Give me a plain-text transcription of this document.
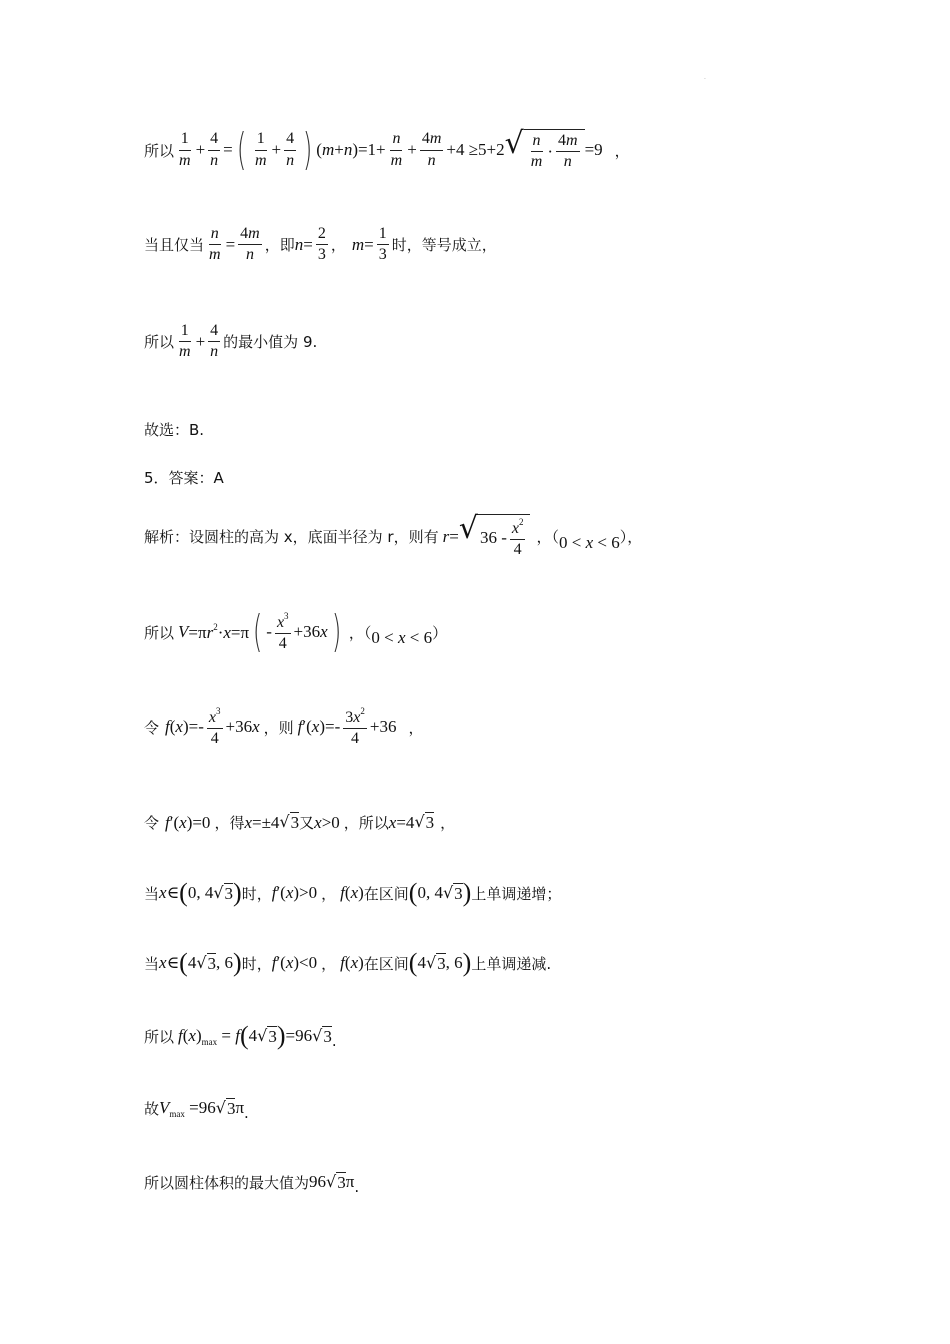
·
所以 $\frac{1}{m} + \frac{4}{n}$ = ( $\frac{1}{m} + \frac{4}{n}$ ) $(m+n)=1+ \frac{n}{m} + \frac{4m}{n} +4 \ge 5+2$ √ $\frac{n}{m} \cdot \frac{4m}{n} =9$ ，
当且仅当 $\frac{n}{m} = \frac{4m}{n}$ ，即 $n = \frac{2}{3}$ ， $m = \frac{1}{3}$ 时，等号成立，
所以 $\frac{1}{m} + \frac{4}{n}$ 的最小值为 9.
故选：B.
5．答案：A
解析：设圆柱的高为 x，底面半径为 r，则有 r = √ $36 - \frac{x^2}{4}$ ，（ 0 < x < 6 ），
所以 $V =\pi r^2\cdot x=\pi$ ( - $\frac{x^3}{4} +36x$ ) ，（ 0 < x < 6 ）
令 $f(x)=- \frac{x^3}{4} +36x$ ，则 $f'(x)=- \frac{3x^2}{4} +36$ ，
令 f′(x)=0 ，得 x=±4 √ 3 又 x>0 ，所以 x=4 √ 3 ，
当 x∈ ( 0, 4 √ 3 ) 时， f′(x)>0 ， f(x) 在区间 ( 0, 4 √ 3 ) 上单调递增；
当 x∈ ( 4 √ 3 , 6 ) 时， f′(x)<0 ， f(x) 在区间 ( 4 √ 3 , 6 ) 上单调递减.
所以 $f(x)_{max} = f$ ( 4 √ 3 ) =96 √ 3 .
故 $V_{max} =96$ √ 3 π .
所以圆柱体积的最大值为 96 √ 3 π .
